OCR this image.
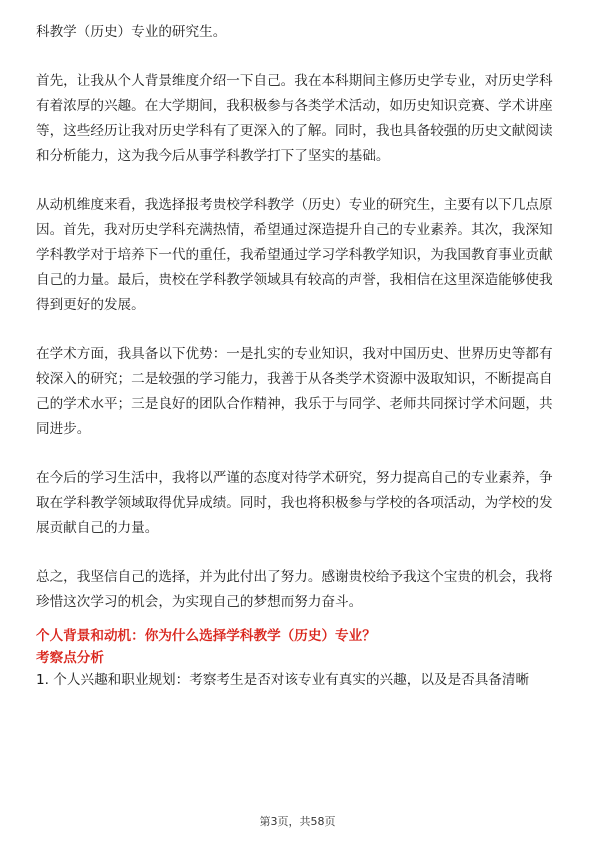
科教学（历史）专业的研究生。

首先，让我从个人背景维度介绍一下自己。我在本科期间主修历史学专业，对历史学科有着浓厚的兴趣。在大学期间，我积极参与各类学术活动，如历史知识竞赛、学术讲座等，这些经历让我对历史学科有了更深入的了解。同时，我也具备较强的历史文献阅读和分析能力，这为我今后从事学科教学打下了坚实的基础。

从动机维度来看，我选择报考贵校学科教学（历史）专业的研究生，主要有以下几点原因。首先，我对历史学科充满热情，希望通过深造提升自己的专业素养。其次，我深知学科教学对于培养下一代的重任，我希望通过学习学科教学知识，为我国教育事业贡献自己的力量。最后，贵校在学科教学领域具有较高的声誉，我相信在这里深造能够使我得到更好的发展。

在学术方面，我具备以下优势：一是扎实的专业知识，我对中国历史、世界历史等都有较深入的研究；二是较强的学习能力，我善于从各类学术资源中汲取知识，不断提高自己的学术水平；三是良好的团队合作精神，我乐于与同学、老师共同探讨学术问题，共同进步。

在今后的学习生活中，我将以严谨的态度对待学术研究，努力提高自己的专业素养，争取在学科教学领域取得优异成绩。同时，我也将积极参与学校的各项活动，为学校的发展贡献自己的力量。

总之，我坚信自己的选择，并为此付出了努力。感谢贵校给予我这个宝贵的机会，我将珍惜这次学习的机会，为实现自己的梦想而努力奋斗。

个人背景和动机：你为什么选择学科教学（历史）专业？

考察点分析

1. 个人兴趣和职业规划：考察考生是否对该专业有真实的兴趣，以及是否具备清晰

第3页，共58页
